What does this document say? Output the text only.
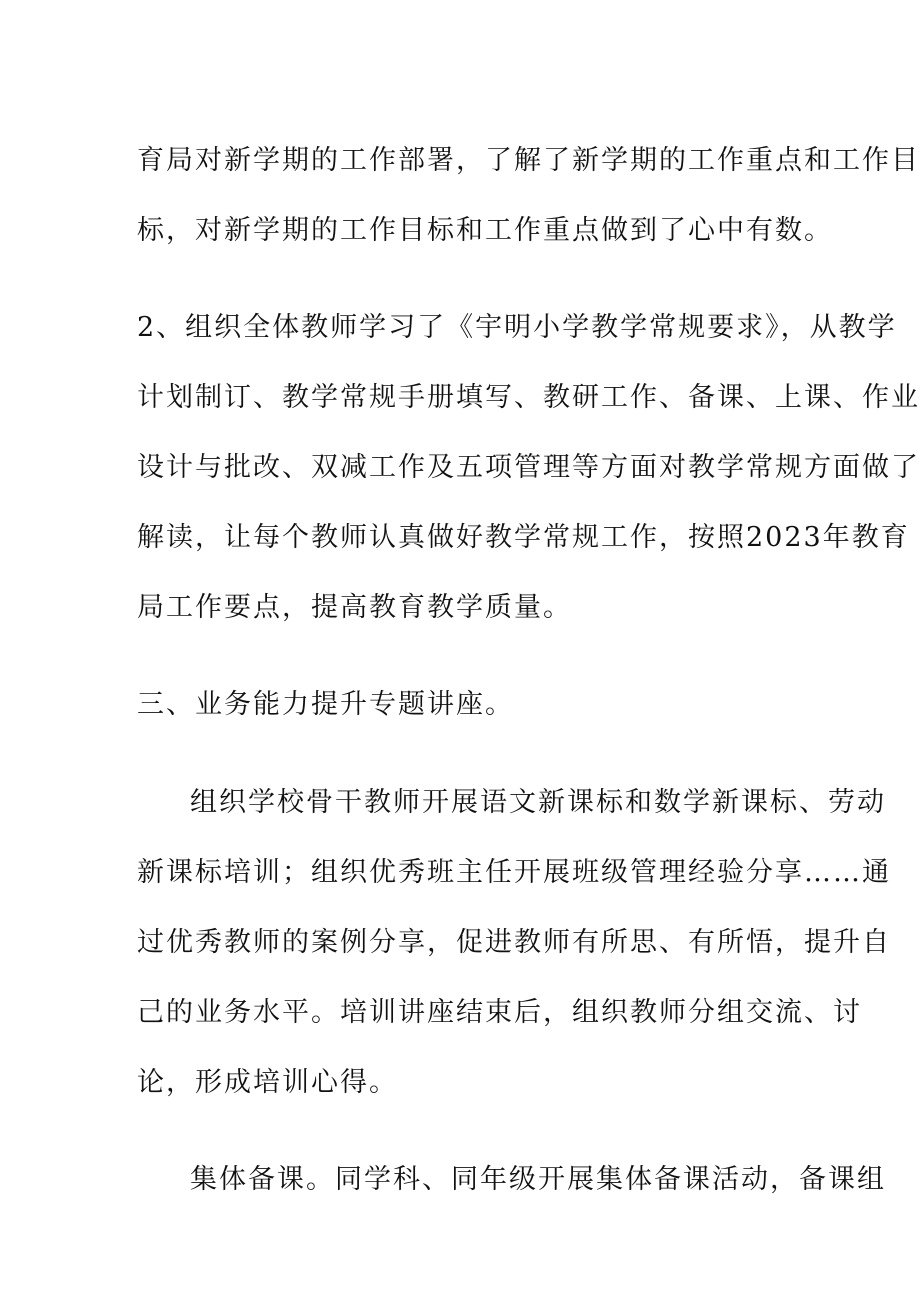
育局对新学期的工作部署，了解了新学期的工作重点和工作目
标，对新学期的工作目标和工作重点做到了心中有数。
2、组织全体教师学习了《宇明小学教学常规要求》，从教学
计划制订、教学常规手册填写、教研工作、备课、上课、作业
设计与批改、双减工作及五项管理等方面对教学常规方面做了
解读，让每个教师认真做好教学常规工作，按照2023年教育
局工作要点，提高教育教学质量。
三、业务能力提升专题讲座。
组织学校骨干教师开展语文新课标和数学新课标、劳动
新课标培训；组织优秀班主任开展班级管理经验分享……通
过优秀教师的案例分享，促进教师有所思、有所悟，提升自
己的业务水平。培训讲座结束后，组织教师分组交流、讨
论，形成培训心得。
集体备课。同学科、同年级开展集体备课活动，备课组
